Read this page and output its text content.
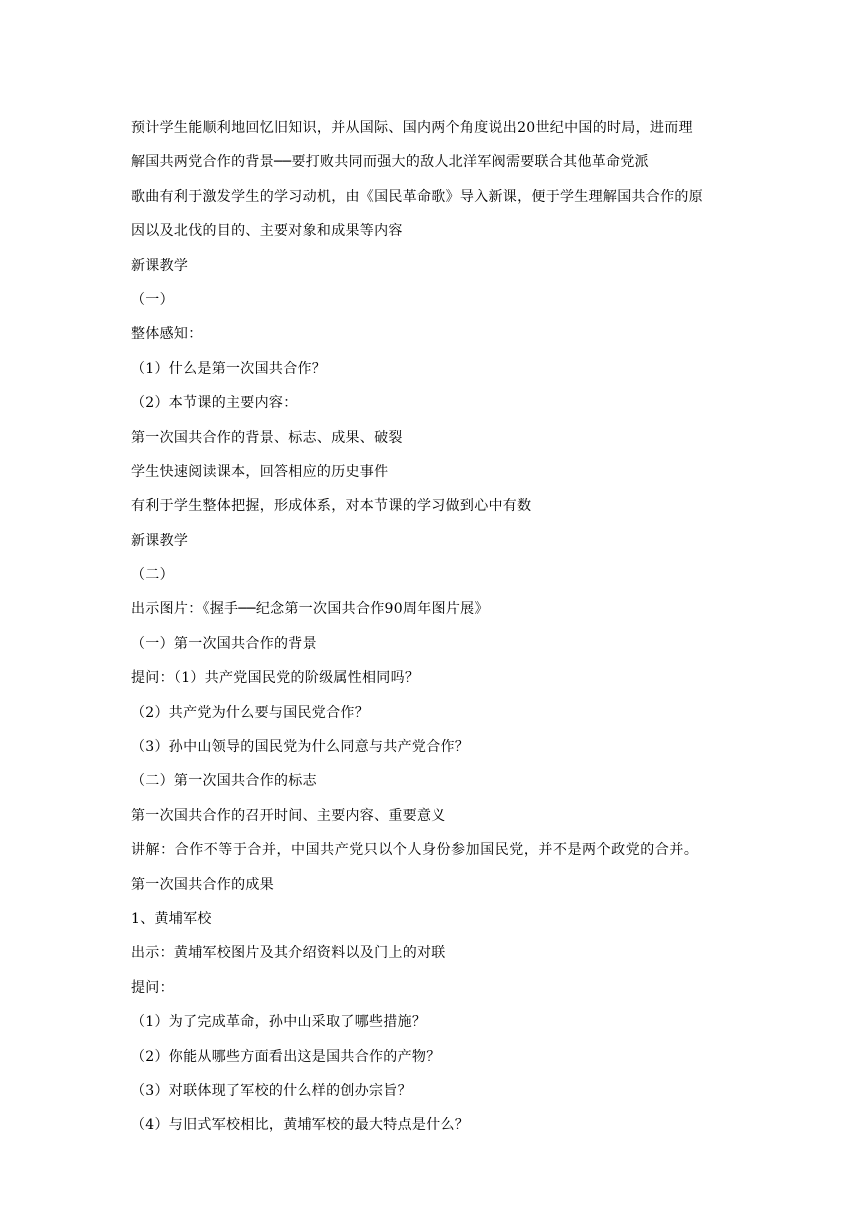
预计学生能顺利地回忆旧知识，并从国际、国内两个角度说出20世纪中国的时局，进而理
解国共两党合作的背景──要打败共同而强大的敌人北洋军阀需要联合其他革命党派
歌曲有利于激发学生的学习动机，由《国民革命歌》导入新课，便于学生理解国共合作的原
因以及北伐的目的、主要对象和成果等内容
新课教学
（一）
整体感知：
（1）什么是第一次国共合作？
（2）本节课的主要内容：
第一次国共合作的背景、标志、成果、破裂
学生快速阅读课本，回答相应的历史事件
有利于学生整体把握，形成体系，对本节课的学习做到心中有数
新课教学
（二）
出示图片：《握手──纪念第一次国共合作90周年图片展》
（一）第一次国共合作的背景
提问：（1）共产党国民党的阶级属性相同吗？
（2）共产党为什么要与国民党合作？
（3）孙中山领导的国民党为什么同意与共产党合作？
（二）第一次国共合作的标志
第一次国共合作的召开时间、主要内容、重要意义
讲解：合作不等于合并，中国共产党只以个人身份参加国民党，并不是两个政党的合并。
第一次国共合作的成果
1、黄埔军校
出示：黄埔军校图片及其介绍资料以及门上的对联
提问：
（1）为了完成革命，孙中山采取了哪些措施？
（2）你能从哪些方面看出这是国共合作的产物？
（3）对联体现了军校的什么样的创办宗旨？
（4）与旧式军校相比，黄埔军校的最大特点是什么？
